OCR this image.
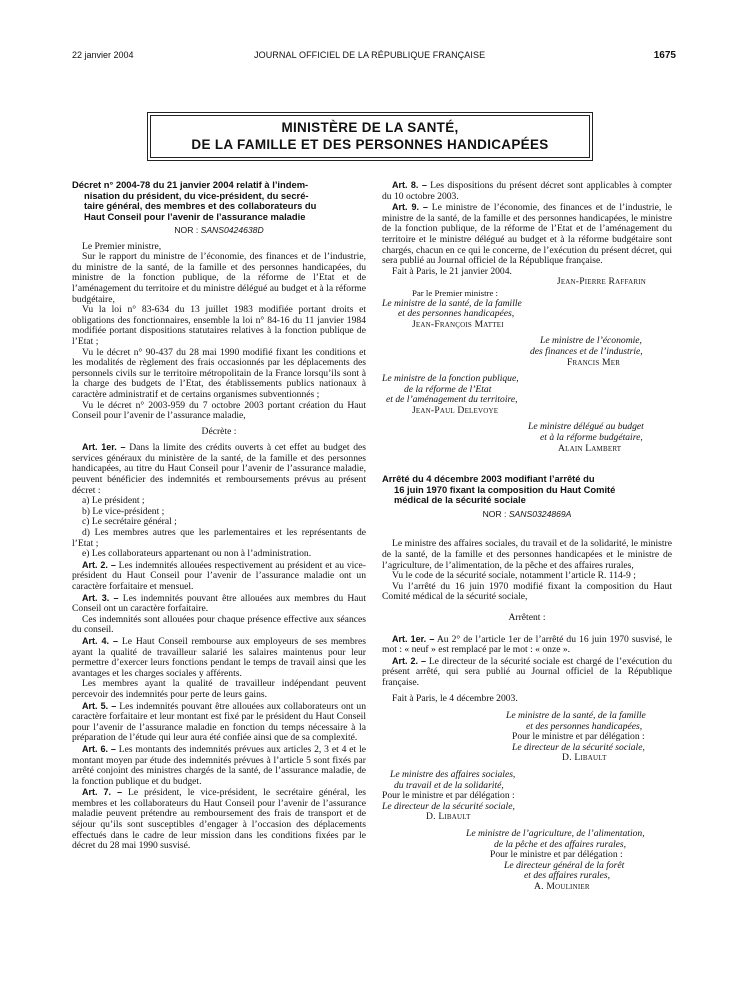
22 janvier 2004	JOURNAL OFFICIEL DE LA RÉPUBLIQUE FRANÇAISE	1675
MINISTÈRE DE LA SANTÉ,
DE LA FAMILLE ET DES PERSONNES HANDICAPÉES

Décret n° 2004-78 du 21 janvier 2004 relatif à l’indem-
nisation du président, du vice-président, du secré-
taire général, des membres et des collaborateurs du
Haut Conseil pour l’avenir de l’assurance maladie

NOR : SANS0424638D

Le Premier ministre,

Sur le rapport du ministre de l’économie, des finances et de l’industrie, du ministre de la santé, de la famille et des personnes handicapées, du ministre de la fonction publique, de la réforme de l’Etat et de l’aménagement du territoire et du ministre délégué au budget et à la réforme budgétaire,

Vu la loi n° 83-634 du 13 juillet 1983 modifiée portant droits et obligations des fonctionnaires, ensemble la loi n° 84-16 du 11 janvier 1984 modifiée portant dispositions statutaires relatives à la fonction publique de l’Etat ;

Vu le décret n° 90-437 du 28 mai 1990 modifié fixant les conditions et les modalités de règlement des frais occasionnés par les déplacements des personnels civils sur le territoire métropolitain de la France lorsqu’ils sont à la charge des budgets de l’Etat, des établissements publics nationaux à caractère administratif et de certains organismes subventionnés ;

Vu le décret n° 2003-959 du 7 octobre 2003 portant création du Haut Conseil pour l’avenir de l’assurance maladie,

Décrète :

Art. 1er. – Dans la limite des crédits ouverts à cet effet au budget des services généraux du ministère de la santé, de la famille et des personnes handicapées, au titre du Haut Conseil pour l’avenir de l’assurance maladie, peuvent bénéficier des indemnités et remboursements prévus au présent décret :

a) Le président ;

b) Le vice-président ;

c) Le secrétaire général ;

d) Les membres autres que les parlementaires et les représentants de l’Etat ;

e) Les collaborateurs appartenant ou non à l’administration.

Art. 2. – Les indemnités allouées respectivement au président et au vice-président du Haut Conseil pour l’avenir de l’assurance maladie ont un caractère forfaitaire et mensuel.

Art. 3. – Les indemnités pouvant être allouées aux membres du Haut Conseil ont un caractère forfaitaire.

Ces indemnités sont allouées pour chaque présence effective aux séances du conseil.

Art. 4. – Le Haut Conseil rembourse aux employeurs de ses membres ayant la qualité de travailleur salarié les salaires maintenus pour leur permettre d’exercer leurs fonctions pendant le temps de travail ainsi que les avantages et les charges sociales y afférents.

Les membres ayant la qualité de travailleur indépendant peuvent percevoir des indemnités pour perte de leurs gains.

Art. 5. – Les indemnités pouvant être allouées aux collaborateurs ont un caractère forfaitaire et leur montant est fixé par le président du Haut Conseil pour l’avenir de l’assurance maladie en fonction du temps nécessaire à la préparation de l’étude qui leur aura été confiée ainsi que de sa complexité.

Art. 6. – Les montants des indemnités prévues aux articles 2, 3 et 4 et le montant moyen par étude des indemnités prévues à l’article 5 sont fixés par arrêté conjoint des ministres chargés de la santé, de l’assurance maladie, de la fonction publique et du budget.

Art. 7. – Le président, le vice-président, le secrétaire général, les membres et les collaborateurs du Haut Conseil pour l’avenir de l’assurance maladie peuvent prétendre au remboursement des frais de transport et de séjour qu’ils sont susceptibles d’engager à l’occasion des déplacements effectués dans le cadre de leur mission dans les conditions fixées par le décret du 28 mai 1990 susvisé.

Art. 8. – Les dispositions du présent décret sont applicables à compter du 10 octobre 2003.

Art. 9. – Le ministre de l’économie, des finances et de l’industrie, le ministre de la santé, de la famille et des personnes handicapées, le ministre de la fonction publique, de la réforme de l’Etat et de l’aménagement du territoire et le ministre délégué au budget et à la réforme budgétaire sont chargés, chacun en ce qui le concerne, de l’exécution du présent décret, qui sera publié au Journal officiel de la République française.

Fait à Paris, le 21 janvier 2004.

Jean-Pierre Raffarin

Par le Premier ministre :

Le ministre de la santé, de la famille

et des personnes handicapées,

Jean-François Mattei

Le ministre de l’économie,

des finances et de l’industrie,

Francis Mer

Le ministre de la fonction publique,

de la réforme de l’Etat

et de l’aménagement du territoire,

Jean-Paul Delevoye

Le ministre délégué au budget

et à la réforme budgétaire,

Alain Lambert

Arrêté du 4 décembre 2003 modifiant l’arrêté du
16 juin 1970 fixant la composition du Haut Comité
médical de la sécurité sociale

NOR : SANS0324869A

Le ministre des affaires sociales, du travail et de la solidarité, le ministre de la santé, de la famille et des personnes handicapées et le ministre de l’agriculture, de l’alimentation, de la pêche et des affaires rurales,

Vu le code de la sécurité sociale, notamment l’article R. 114-9 ;

Vu l’arrêté du 16 juin 1970 modifié fixant la composition du Haut Comité médical de la sécurité sociale,

Arrêtent :

Art. 1er. – Au 2° de l’article 1er de l’arrêté du 16 juin 1970 susvisé, le mot : « neuf » est remplacé par le mot : « onze ».

Art. 2. – Le directeur de la sécurité sociale est chargé de l’exécution du présent arrêté, qui sera publié au Journal officiel de la République française.

Fait à Paris, le 4 décembre 2003.

Le ministre de la santé, de la famille

et des personnes handicapées,

Pour le ministre et par délégation :

Le directeur de la sécurité sociale,

D. Libault

Le ministre des affaires sociales,

du travail et de la solidarité,

Pour le ministre et par délégation :

Le directeur de la sécurité sociale,

D. Libault

Le ministre de l’agriculture, de l’alimentation,

de la pêche et des affaires rurales,

Pour le ministre et par délégation :

Le directeur général de la forêt

et des affaires rurales,

A. Moulinier
